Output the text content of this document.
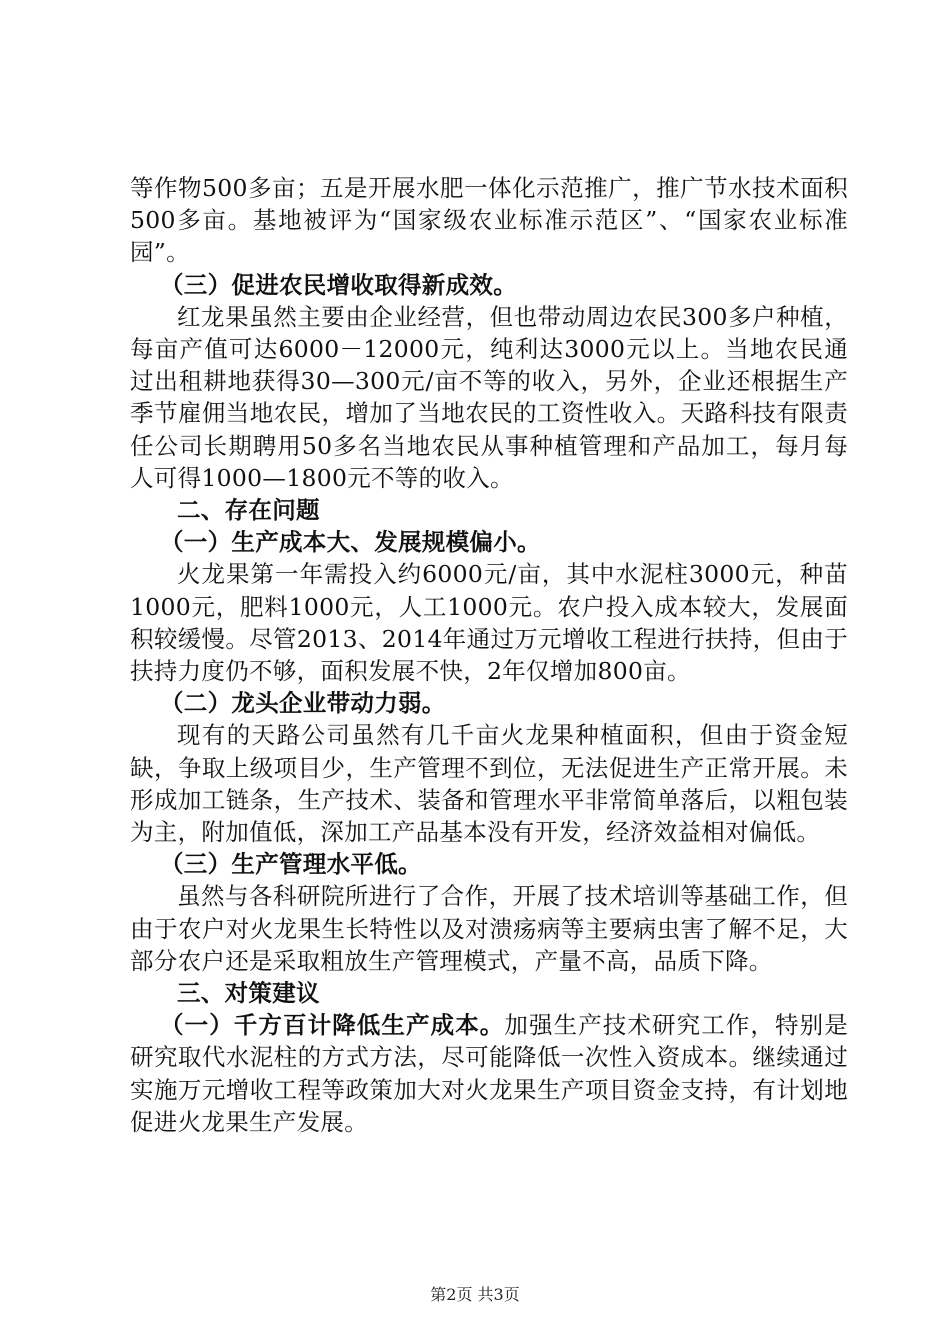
等作物500多亩；五是开展水肥一体化示范推广，推广节水技术面积500多亩。基地被评为“国家级农业标准示范区”、“国家农业标准园”。

（三）促进农民增收取得新成效。

红龙果虽然主要由企业经营，但也带动周边农民300多户种植，每亩产值可达6000－12000元，纯利达3000元以上。当地农民通过出租耕地获得30—300元/亩不等的收入，另外，企业还根据生产季节雇佣当地农民，增加了当地农民的工资性收入。天路科技有限责任公司长期聘用50多名当地农民从事种植管理和产品加工，每月每人可得1000—1800元不等的收入。

二、存在问题

（一）生产成本大、发展规模偏小。

火龙果第一年需投入约6000元/亩，其中水泥柱3000元，种苗1000元，肥料1000元，人工1000元。农户投入成本较大，发展面积较缓慢。尽管2013、2014年通过万元增收工程进行扶持，但由于扶持力度仍不够，面积发展不快，2年仅增加800亩。

（二）龙头企业带动力弱。

现有的天路公司虽然有几千亩火龙果种植面积，但由于资金短缺，争取上级项目少，生产管理不到位，无法促进生产正常开展。未形成加工链条，生产技术、装备和管理水平非常简单落后，以粗包装为主，附加值低，深加工产品基本没有开发，经济效益相对偏低。

（三）生产管理水平低。

虽然与各科研院所进行了合作，开展了技术培训等基础工作，但由于农户对火龙果生长特性以及对溃疡病等主要病虫害了解不足，大部分农户还是采取粗放生产管理模式，产量不高，品质下降。

三、对策建议

（一）千方百计降低生产成本。加强生产技术研究工作，特别是研究取代水泥柱的方式方法，尽可能降低一次性入资成本。继续通过实施万元增收工程等政策加大对火龙果生产项目资金支持，有计划地促进火龙果生产发展。

第2页 共3页
